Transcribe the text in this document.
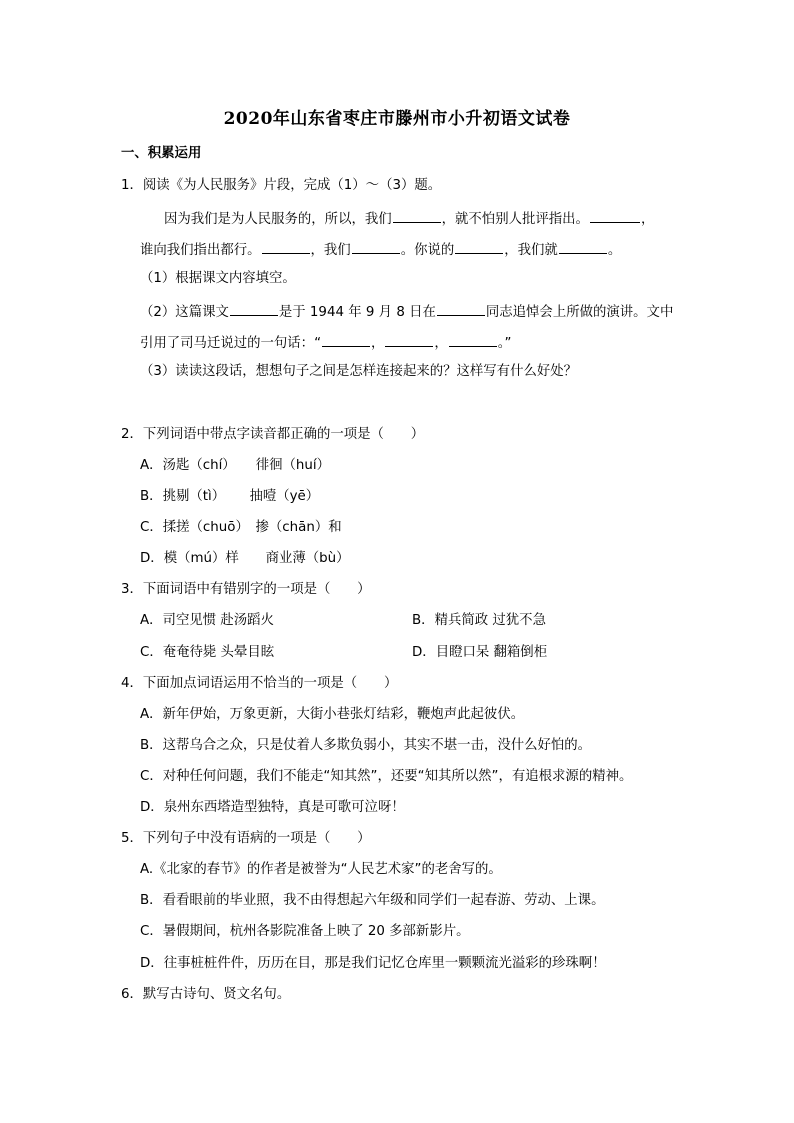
2020年山东省枣庄市滕州市小升初语文试卷
一、积累运用
1．阅读《为人民服务》片段，完成（1）～（3）题。
因为我们是为人民服务的，所以，我们	，就不怕别人批评指出。	，
谁向我们指出都行。	，我们	。你说的	，我们就	。
（1）根据课文内容填空。
（2）这篇课文	是于 1944 年 9 月 8 日在	同志追悼会上所做的演讲。文中
引用了司马迁说过的一句话：“	，	，	。”
（3）读读这段话，想想句子之间是怎样连接起来的？这样写有什么好处？
2．下列词语中带点字读音都正确的一项是（　　）
A．汤匙（chí）　　徘徊（huí）
B．挑剔（tì）　　 抽噎（yē）
C．揉搓（chuō）　掺（chān）和
D．模（mú）样　　商业薄（bù）
3．下面词语中有错别字的一项是（　　）
A．司空见惯 赴汤蹈火	B．精兵简政 过犹不急
C．奄奄待毙 头晕目眩	D．目瞪口呆 翻箱倒柜
4．下面加点词语运用不恰当的一项是（　　）
A．新年伊始，万象更新，大街小巷张灯结彩，鞭炮声此起彼伏。
B．这帮乌合之众，只是仗着人多欺负弱小，其实不堪一击，没什么好怕的。
C．对种任何问题，我们不能走“知其然”，还要“知其所以然”，有追根求源的精神。
D．泉州东西塔造型独特，真是可歌可泣呀！
5．下列句子中没有语病的一项是（　　）
A.《北家的春节》的作者是被誉为“人民艺术家”的老舍写的。
B．看看眼前的毕业照，我不由得想起六年级和同学们一起春游、劳动、上课。
C．暑假期间，杭州各影院准备上映了 20 多部新影片。
D．往事桩桩件件，历历在目，那是我们记忆仓库里一颗颗流光溢彩的珍珠啊！
6．默写古诗句、贤文名句。
